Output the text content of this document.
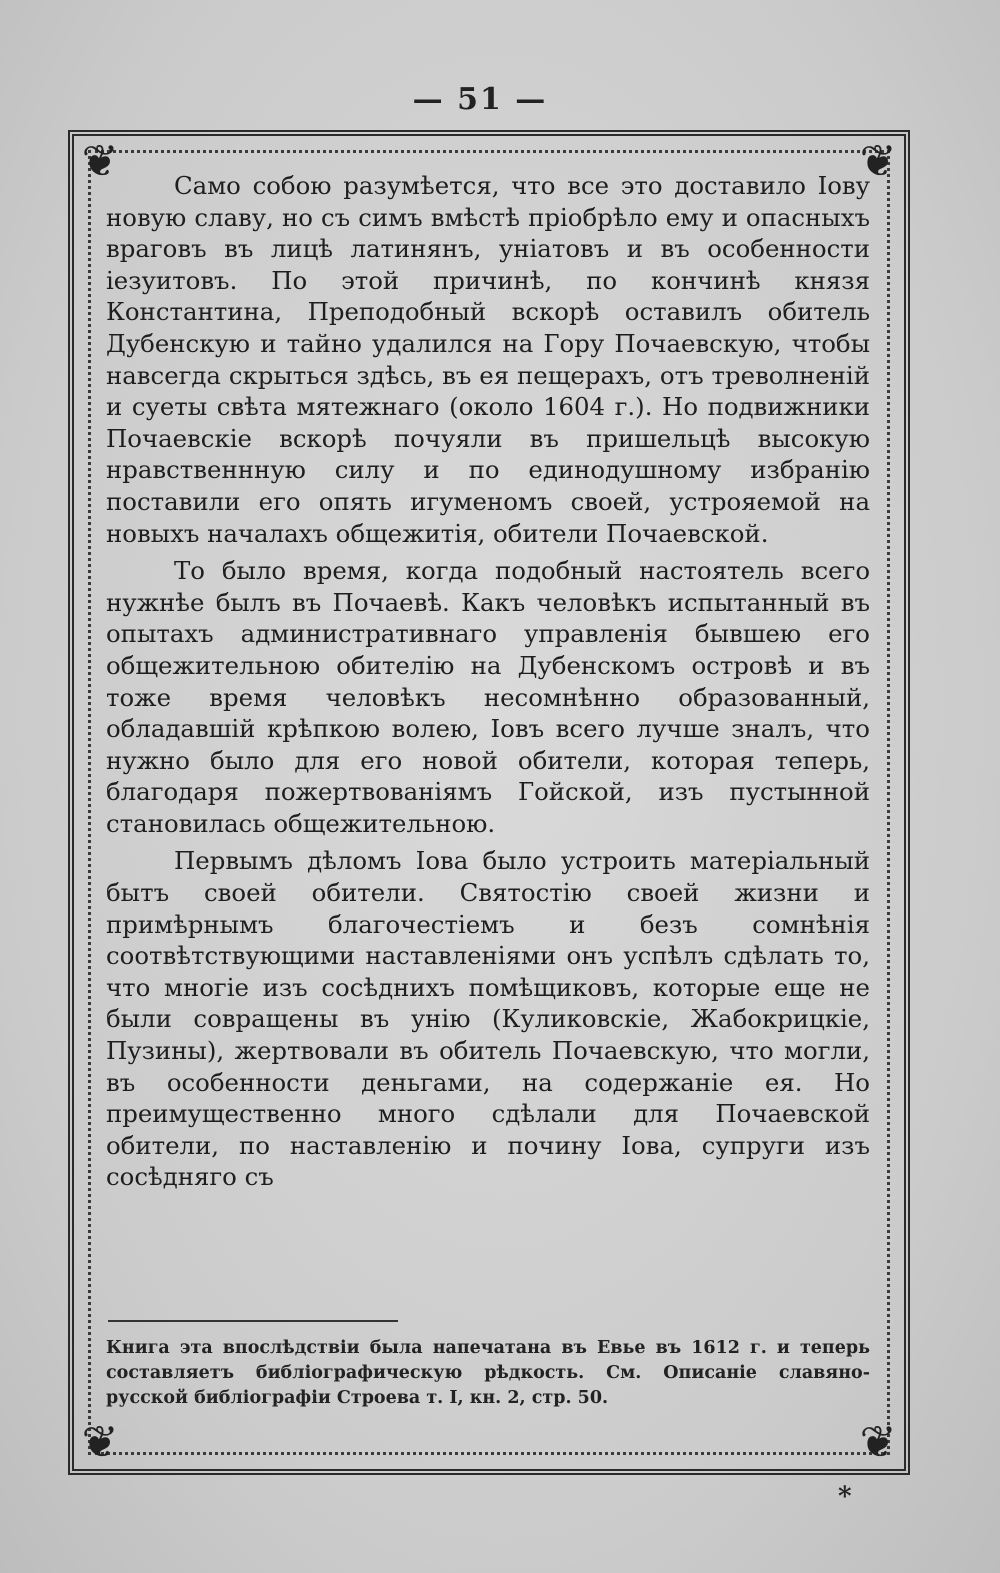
— 51 —
❦	❦
❦	❦

Само собою разумѣется, что все это доставило Іову новую славу, но съ симъ вмѣстѣ пріобрѣло ему и опасныхъ враговъ въ лицѣ латинянъ, уніатовъ и въ особенности іезуитовъ. По этой причинѣ, по кончинѣ князя Константина, Преподобный вскорѣ оставилъ обитель Дубенскую и тайно удалился на Гору Почаевскую, чтобы навсегда скрыться здѣсь, въ ея пещерахъ, отъ треволненій и суеты свѣта мятежнаго (около 1604 г.). Но подвижники Почаевскіе вскорѣ почуяли въ пришельцѣ высокую нравственнную силу и по единодушному избранію поставили его опять игуменомъ своей, устрояемой на новыхъ началахъ общежитія, обители Почаевской.

То было время, когда подобный настоятель всего нужнѣе былъ въ Почаевѣ. Какъ человѣкъ испытанный въ опытахъ административнаго управленія бывшею его общежительною обителію на Дубенскомъ островѣ и въ тоже время человѣкъ несомнѣнно образованный, обладавшій крѣпкою волею, Іовъ всего лучше зналъ, что нужно было для его новой обители, которая теперь, благодаря пожертвованіямъ Гойской, изъ пустынной становилась общежительною.

Первымъ дѣломъ Іова было устроить матеріальный бытъ своей обители. Святостію своей жизни и примѣрнымъ благочестіемъ и безъ сомнѣнія соотвѣтствующими наставленіями онъ успѣлъ сдѣлать то, что многіе изъ сосѣднихъ помѣщиковъ, которые еще не были совращены въ унію (Куликовскіе, Жабокрицкіе, Пузины), жертвовали въ обитель Почаевскую, что могли, въ особенности деньгами, на содержаніе ея. Но преимущественно много сдѣлали для Почаевской обители, по наставленію и почину Іова, супруги изъ сосѣдняго съ

Книга эта впослѣдствіи была напечатана въ Евье въ 1612 г. и теперь составляетъ библіографическую рѣдкость. См. Описаніе славяно-русской библіографіи Строева т. I, кн. 2, стр. 50.
*
